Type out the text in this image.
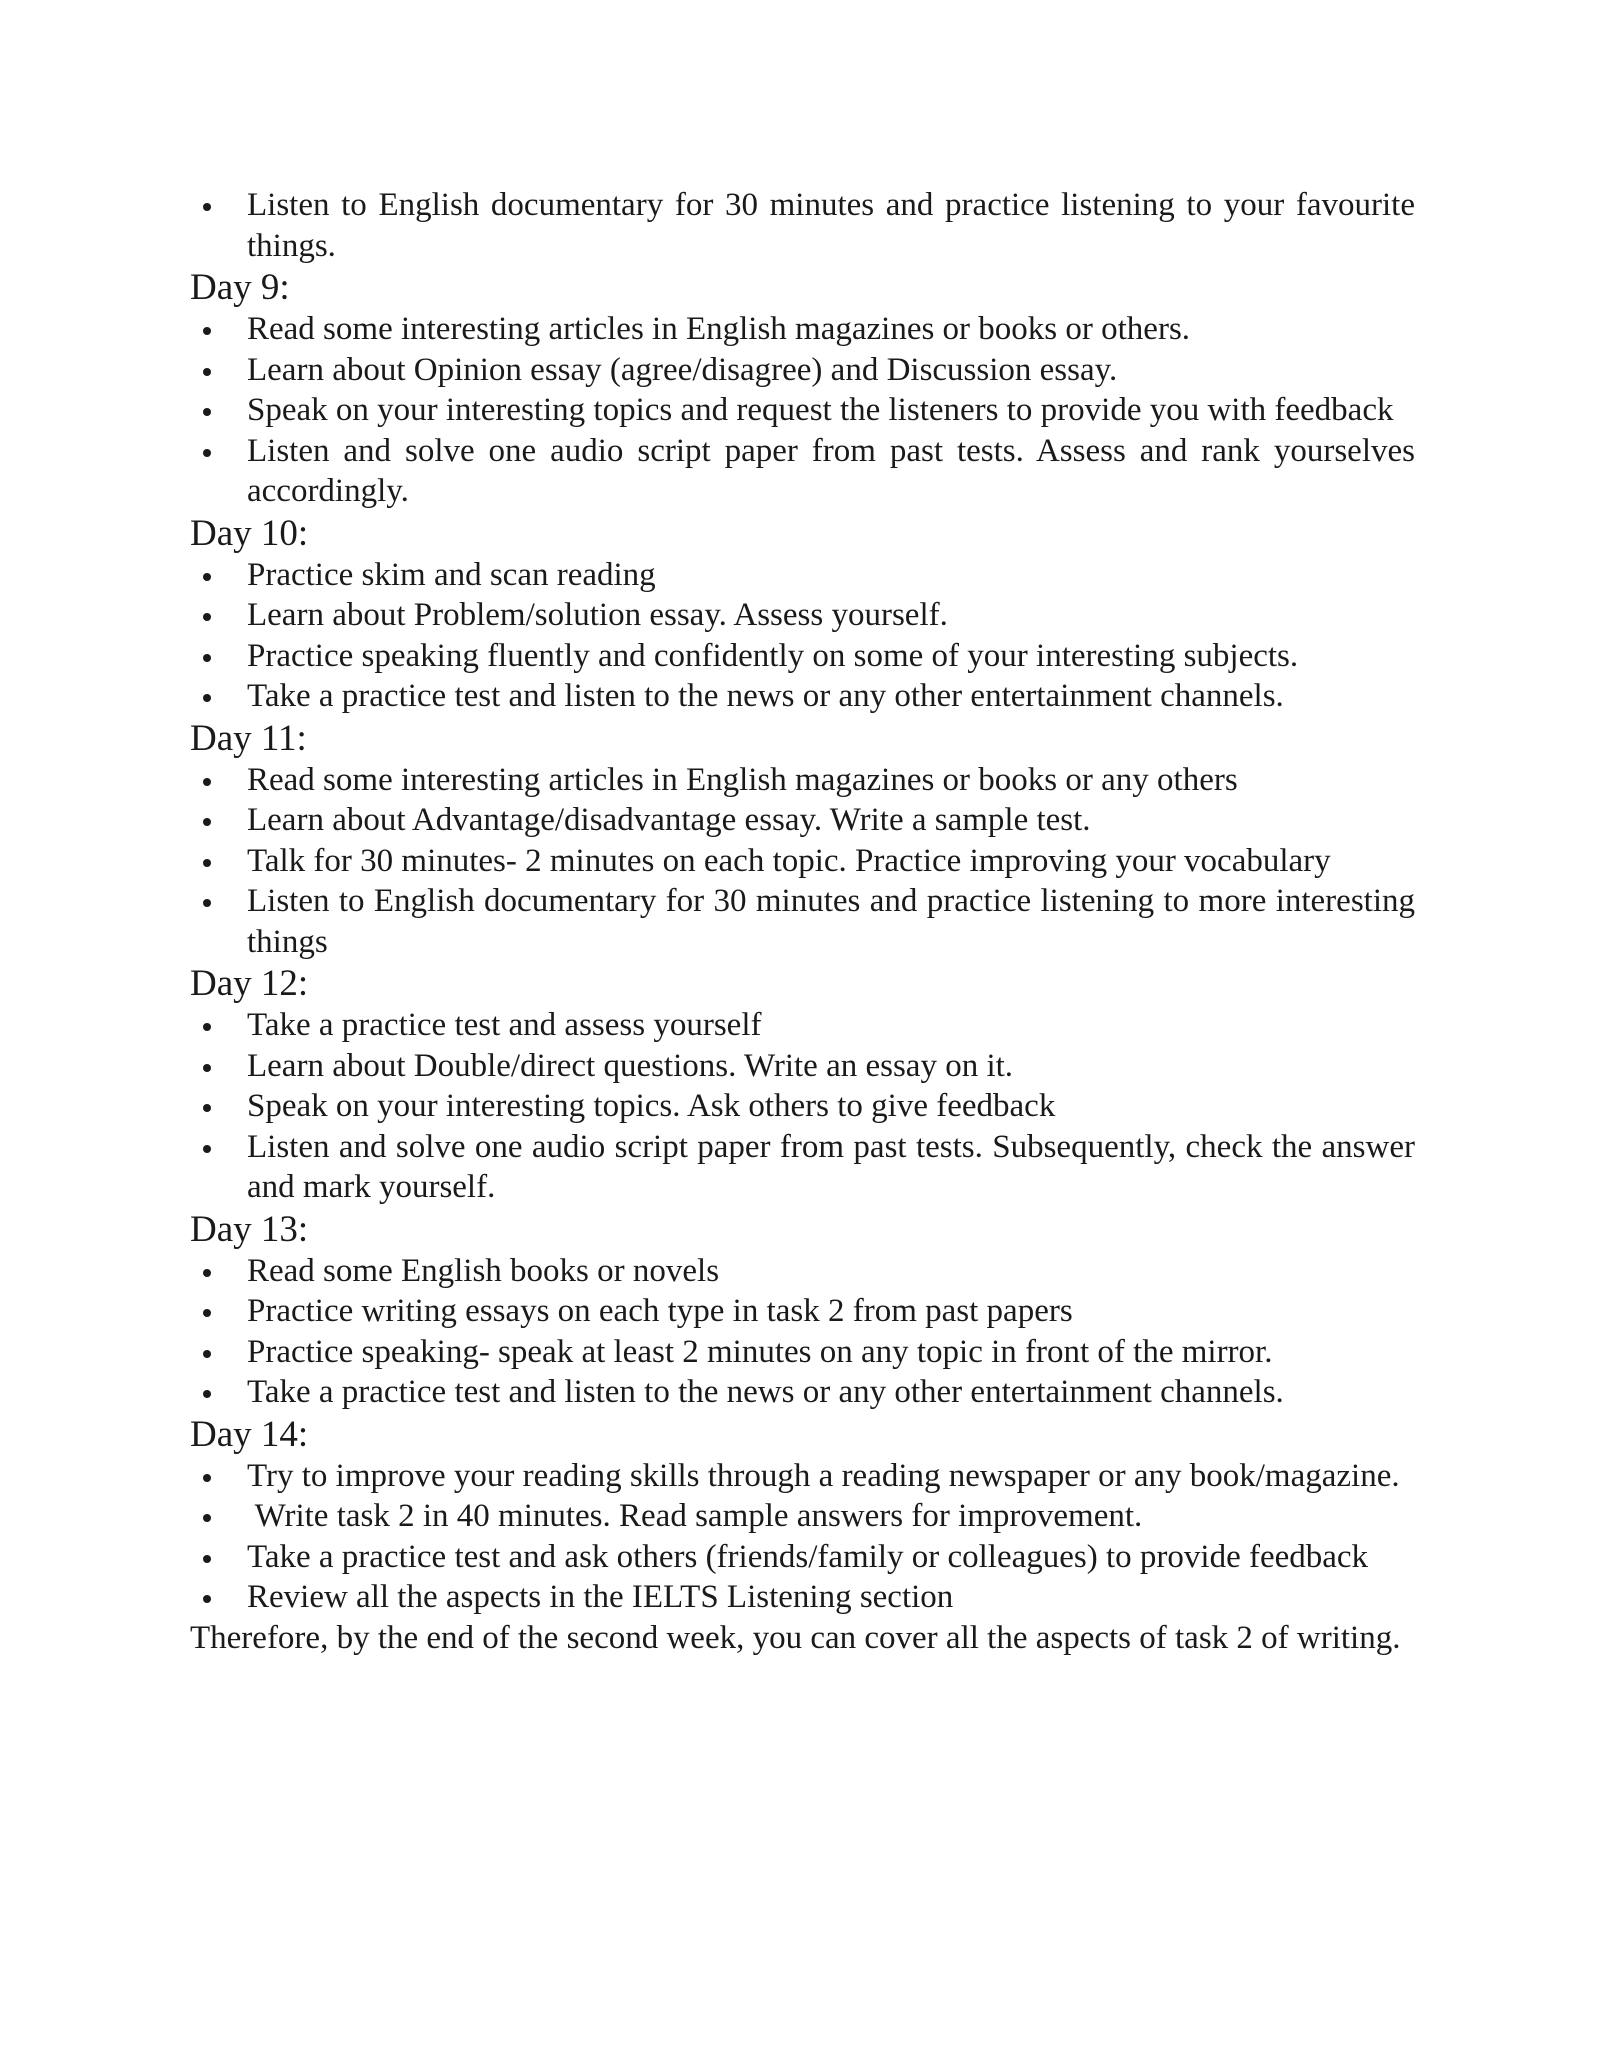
Listen to English documentary for 30 minutes and practice listening to your favourite things.
Day 9:
Read some interesting articles in English magazines or books or others.
Learn about Opinion essay (agree/disagree) and Discussion essay.
Speak on your interesting topics and request the listeners to provide you with feedback
Listen and solve one audio script paper from past tests. Assess and rank yourselves accordingly.
Day 10:
Practice skim and scan reading
Learn about Problem/solution essay. Assess yourself.
Practice speaking fluently and confidently on some of your interesting subjects.
Take a practice test and listen to the news or any other entertainment channels.
Day 11:
Read some interesting articles in English magazines or books or any others
Learn about Advantage/disadvantage essay. Write a sample test.
Talk for 30 minutes- 2 minutes on each topic. Practice improving your vocabulary
Listen to English documentary for 30 minutes and practice listening to more interesting things
Day 12:
Take a practice test and assess yourself
Learn about Double/direct questions. Write an essay on it.
Speak on your interesting topics. Ask others to give feedback
Listen and solve one audio script paper from past tests. Subsequently, check the answer and mark yourself.
Day 13:
Read some English books or novels
Practice writing essays on each type in task 2 from past papers
Practice speaking- speak at least 2 minutes on any topic in front of the mirror.
Take a practice test and listen to the news or any other entertainment channels.
Day 14:
Try to improve your reading skills through a reading newspaper or any book/magazine.
Write task 2 in 40 minutes. Read sample answers for improvement.
Take a practice test and ask others (friends/family or colleagues) to provide feedback
Review all the aspects in the IELTS Listening section

Therefore, by the end of the second week, you can cover all the aspects of task 2 of writing.
